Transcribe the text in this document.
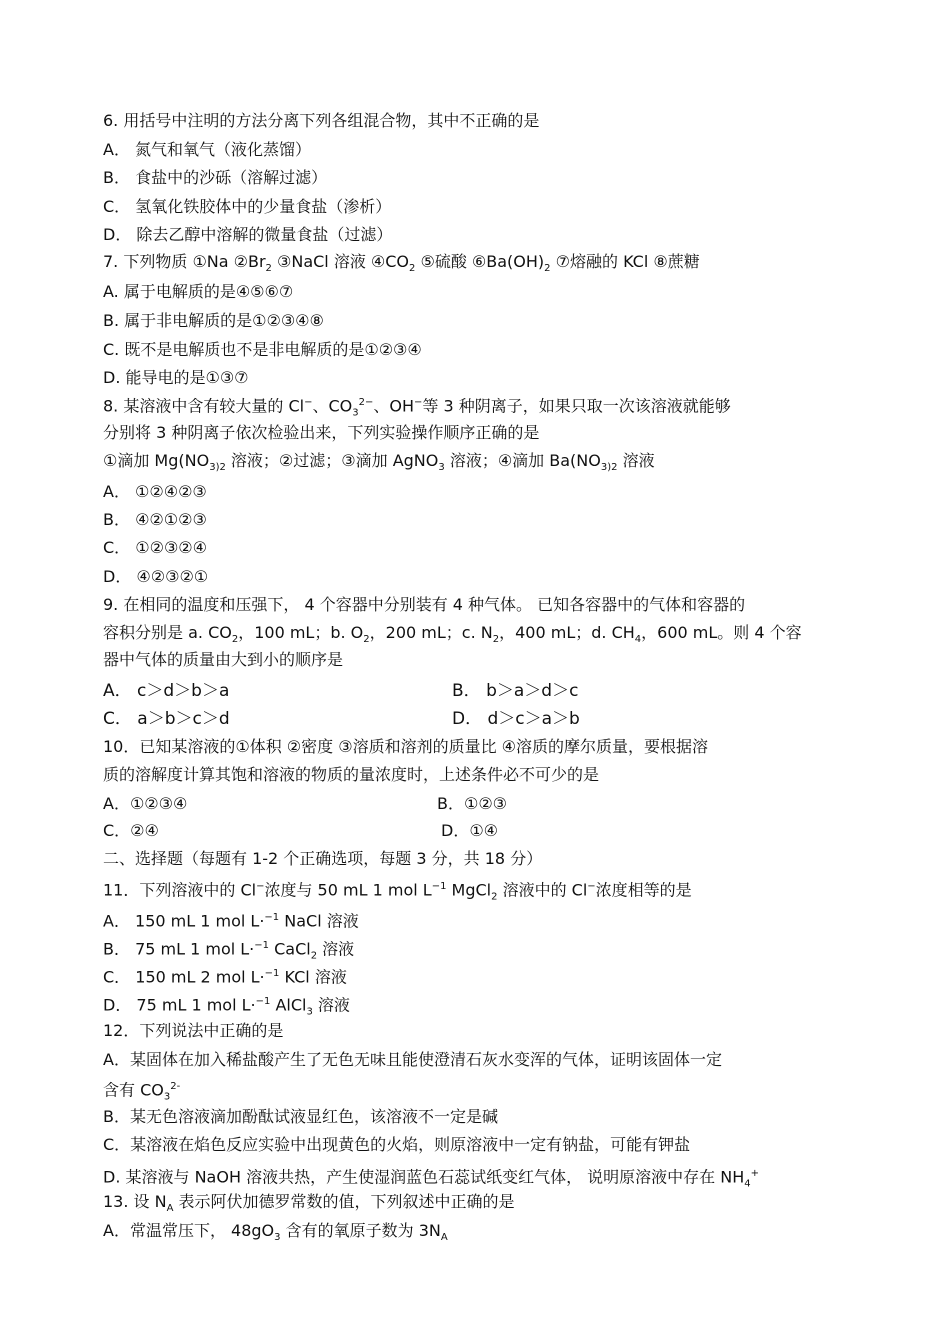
6. 用括号中注明的方法分离下列各组混合物，其中不正确的是
A． 氮气和氧气（液化蒸馏）
B． 食盐中的沙砾（溶解过滤）
C． 氢氧化铁胶体中的少量食盐（渗析）
D． 除去乙醇中溶解的微量食盐（过滤）
7. 下列物质 ①Na $②Br_2$ ③NaCl 溶液 $④CO_2$ ⑤硫酸 $⑥Ba(OH)_2$ ⑦熔融的 KCl ⑧蔗糖
A. 属于电解质的是④⑤⑥⑦
B. 属于非电解质的是①②③④⑧
C. 既不是电解质也不是非电解质的是①②③④
D. 能导电的是①③⑦
8. 某溶液中含有较大量的 Cl−、$CO_3^{2-}$、OH−等 3 种阴离子，如果只取一次该溶液就能够
分别将 3 种阴离子依次检验出来，下列实验操作顺序正确的是
①滴加 $Mg(NO_{3)2}$ 溶液；②过滤；③滴加 AgNO$_3$ 溶液；④滴加 $Ba(NO_{3)2}$ 溶液
A． ①②④②③
B． ④②①②③
C． ①②③②④
D． ④②③②①
9. 在相同的温度和压强下， 4 个容器中分别装有 4 种气体。 已知各容器中的气体和容器的
容积分别是 a. $CO_2$，100 mL；b. $O_2$，200 mL；c. $N_2$，400 mL；d. $CH_4$，600 mL。则 4 个容
器中气体的质量由大到小的顺序是
A． c＞d＞b＞a	B． b＞a＞d＞c
C． a＞b＞c＞d	D． d＞c＞a＞b
10．已知某溶液的①体积 ②密度 ③溶质和溶剂的质量比 ④溶质的摩尔质量，要根据溶
质的溶解度计算其饱和溶液的物质的量浓度时，上述条件必不可少的是
A．①②③④	B．①②③
C．②④	D．①④
二、选择题（每题有 1-2 个正确选项，每题 3 分，共 18 分）
11．下列溶液中的 Cl−浓度与 50 mL 1 mol $L^{-1}$ MgCl$_2$ 溶液中的 Cl−浓度相等的是
A． 150 mL 1 mol L·$^{-1}$ NaCl 溶液
B． 75 mL 1 mol L·$^{-1}$ CaCl$_2$ 溶液
C． 150 mL 2 mol L·$^{-1}$ KCl 溶液
D． 75 mL 1 mol L·$^{-1}$ AlCl$_3$ 溶液
12．下列说法中正确的是
A．某固体在加入稀盐酸产生了无色无味且能使澄清石灰水变浑的气体，证明该固体一定
含有 $CO_3^{2-}$
B．某无色溶液滴加酚酞试液显红色，该溶液不一定是碱
C．某溶液在焰色反应实验中出现黄色的火焰，则原溶液中一定有钠盐，可能有钾盐
D. 某溶液与 NaOH 溶液共热，产生使湿润蓝色石蕊试纸变红气体， 说明原溶液中存在 $NH_4^+$
13. 设 $N_A$ 表示阿伏加德罗常数的值，下列叙述中正确的是
A．常温常压下， $48gO_3$ 含有的氧原子数为 $3N_A$
